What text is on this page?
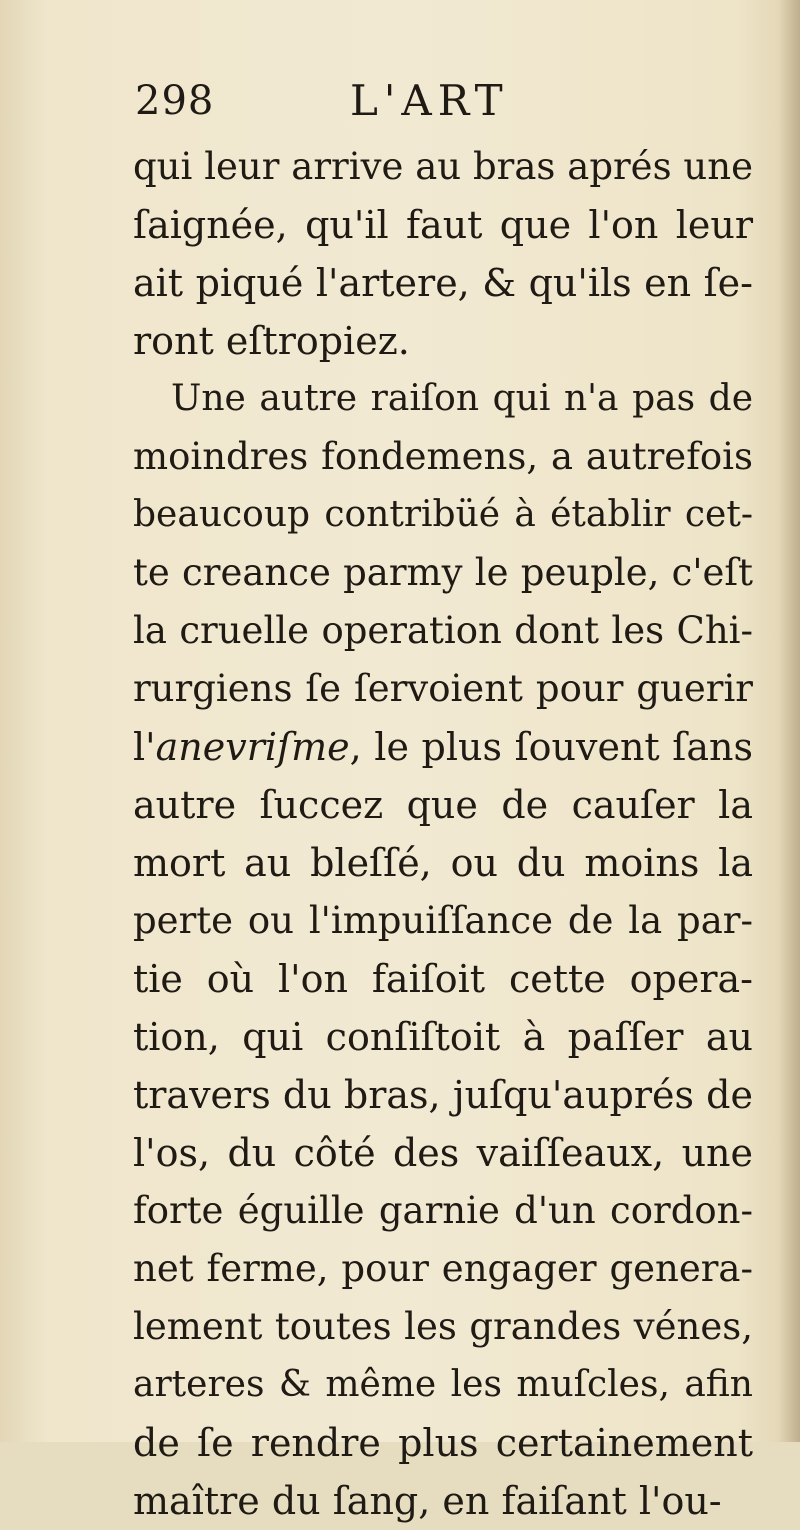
298	L'ART
qui leur arrive au bras aprés une
ſaignée, qu'il faut que l'on leur
ait piqué l'artere, & qu'ils en ſe-
ront eſtropiez.
Une autre raiſon qui n'a pas de
moindres fondemens, a autrefois
beaucoup contribüé à établir cet-
te creance parmy le peuple, c'eſt
la cruelle operation dont les Chi-
rurgiens ſe ſervoient pour guerir
l'anevriſme, le plus ſouvent ſans
autre ſuccez que de cauſer la
mort au bleſſé, ou du moins la
perte ou l'impuiſſance de la par-
tie où l'on faiſoit cette opera-
tion, qui conſiſtoit à paſſer au
travers du bras, juſqu'auprés de
l'os, du côté des vaiſſeaux, une
forte éguille garnie d'un cordon-
net ferme, pour engager genera-
lement toutes les grandes vénes,
arteres & même les muſcles, afin
de ſe rendre plus certainement
maître du ſang, en faiſant l'ou-
